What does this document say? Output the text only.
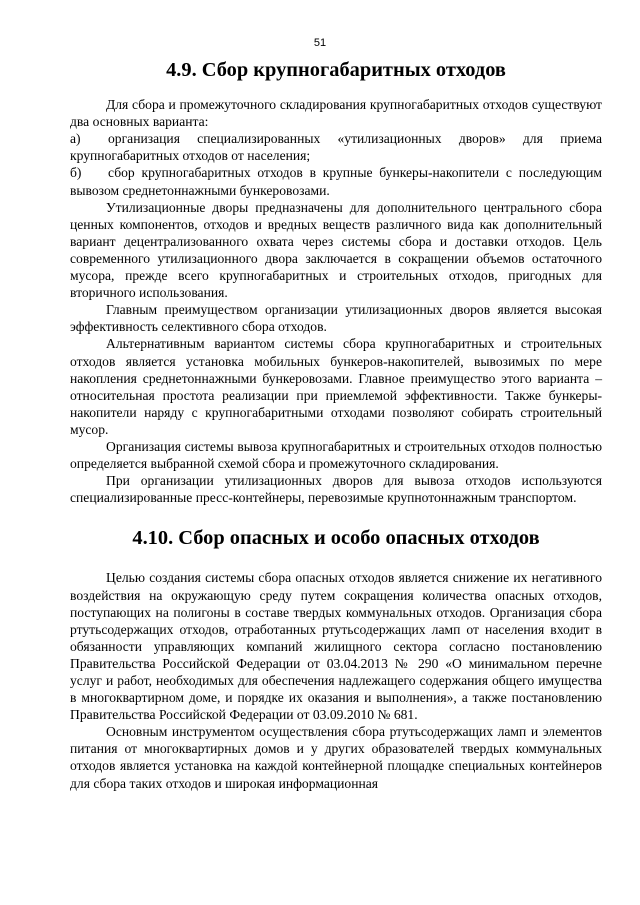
51
4.9. Сбор крупногабаритных отходов

Для сбора и промежуточного складирования крупногабаритных отходов существуют два основных варианта:

а) организация специализированных «утилизационных дворов» для приема крупногабаритных отходов от населения;

б) сбор крупногабаритных отходов в крупные бункеры-накопители с последующим вывозом среднетоннажными бункеровозами.

Утилизационные дворы предназначены для дополнительного центрального сбора ценных компонентов, отходов и вредных веществ различного вида как дополнительный вариант децентрализованного охвата через системы сбора и доставки отходов. Цель современного утилизационного двора заключается в сокращении объемов остаточного мусора, прежде всего крупногабаритных и строительных отходов, пригодных для вторичного использования.

Главным преимуществом организации утилизационных дворов является высокая эффективность селективного сбора отходов.

Альтернативным вариантом системы сбора крупногабаритных и строительных отходов является установка мобильных бункеров-накопителей, вывозимых по мере накопления среднетоннажными бункеровозами. Главное преимущество этого варианта – относительная простота реализации при приемлемой эффективности. Также бункеры-накопители наряду с крупногабаритными отходами позволяют собирать строительный мусор.

Организация системы вывоза крупногабаритных и строительных отходов полностью определяется выбранной схемой сбора и промежуточного складирования.

При организации утилизационных дворов для вывоза отходов используются специализированные пресс-контейнеры, перевозимые крупнотоннажным транспортом.

4.10. Сбор опасных и особо опасных отходов

Целью создания системы сбора опасных отходов является снижение их негативного воздействия на окружающую среду путем сокращения количества опасных отходов, поступающих на полигоны в составе твердых коммунальных отходов. Организация сбора ртутьсодержащих отходов, отработанных ртутьсодержащих ламп от населения входит в обязанности управляющих компаний жилищного сектора согласно постановлению Правительства Российской Федерации от 03.04.2013 № 290 «О минимальном перечне услуг и работ, необходимых для обеспечения надлежащего содержания общего имущества в многоквартирном доме, и порядке их оказания и выполнения», а также постановлению Правительства Российской Федерации от 03.09.2010 № 681.

Основным инструментом осуществления сбора ртутьсодержащих ламп и элементов питания от многоквартирных домов и у других образователей твердых коммунальных отходов является установка на каждой контейнерной площадке специальных контейнеров для сбора таких отходов и широкая информационная
